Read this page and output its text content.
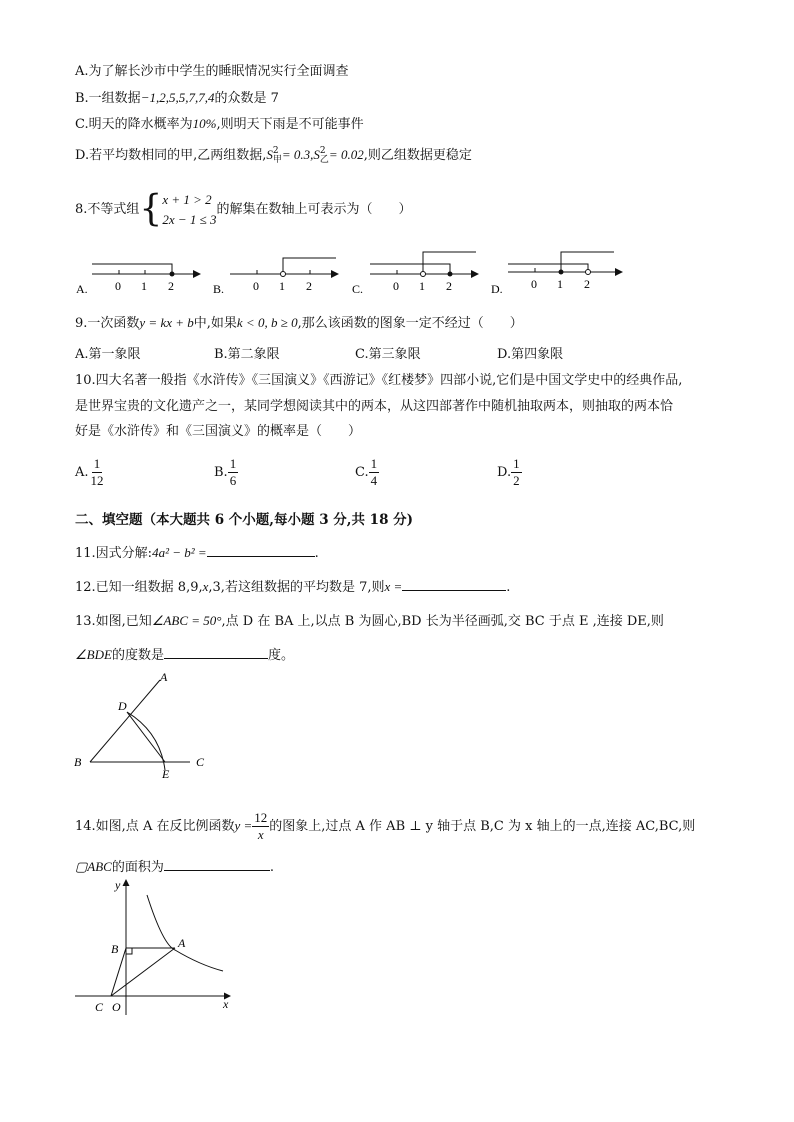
A.为了解长沙市中学生的睡眠情况实行全面调查
B.一组数据−1,2,5,5,7,7,4的众数是 7
C.明天的降水概率为10%,则明天下雨是不可能事件
D.若平均数相同的甲,乙两组数据,S 2
甲 = 0.3,S 2
乙 = 0.02,则乙组数据更稳定
8.不等式组{ x + 1 > 2
2x − 1 ≤ 3
的解集在数轴上可表示为（　　）
A. 0 1 2	B. 0 1 2	C. 0 1 2	D. 0 1 2
9.一次函数y = kx + b中,如果k < 0, b ≥ 0,那么该函数的图象一定不经过（　　）
A.第一象限	B.第二象限	C.第三象限	D.第四象限
10.四大名著一般指《水浒传》《三国演义》《西游记》《红楼梦》四部小说,它们是中国文学史中的经典作品,
是世界宝贵的文化遗产之一，某同学想阅读其中的两本，从这四部著作中随机抽取两本，则抽取的两本恰
好是《水浒传》和《三国演义》的概率是（　　）
A. $\frac{1}{12}$	B. $\frac{1}{6}$	C. $\frac{1}{4}$	D. $\frac{1}{2}$
二、填空题（本大题共 6 个小题,每小题 3 分,共 18 分)
11.因式分解:4a² − b² =	.
12.已知一组数据 8,9,x,3,若这组数据的平均数是 7,则x =	.
13.如图,已知∠ABC = 50°,点 D 在 BA 上,以点 B 为圆心,BD 长为半径画弧,交 BC 于点 E ,连接 DE,则
∠BDE的度数是	度。
A
B	C
D
E
14.如图,点 A 在反比例函数$y = \frac{12}{x}$ 的图象上,过点 A 作 AB ⊥ y 轴于点 B,C 为 x 轴上的一点,连接 AC,BC,则
▢ABC的面积为	.
y
x
A
B
C O
